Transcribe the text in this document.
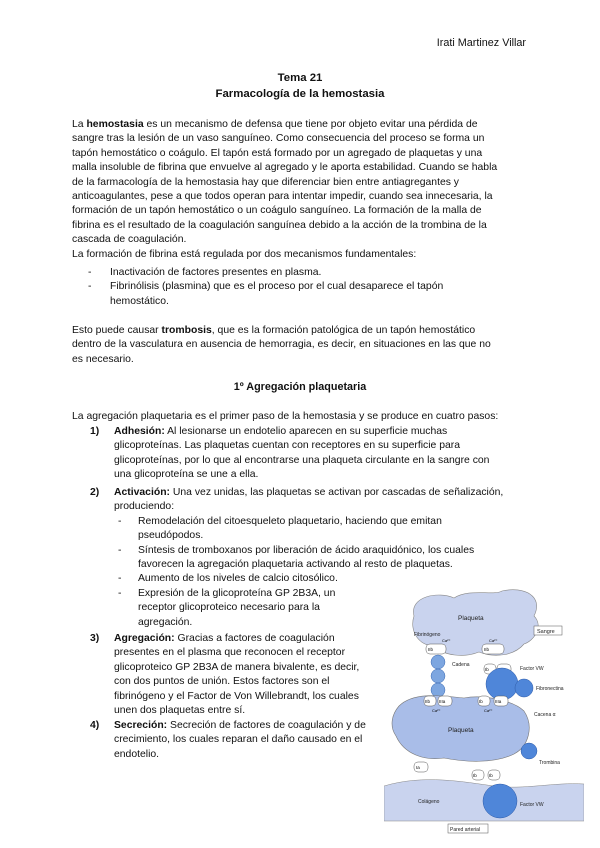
Irati Martinez Villar
Tema 21
Farmacología de la hemostasia

La hemostasia es un mecanismo de defensa que tiene por objeto evitar una pérdida de

sangre tras la lesión de un vaso sanguíneo. Como consecuencia del proceso se forma un

tapón hemostático o coágulo. El tapón está formado por un agregado de plaquetas y una

malla insoluble de fibrina que envuelve al agregado y le aporta estabilidad. Cuando se habla

de la farmacología de la hemostasia hay que diferenciar bien entre antiagregantes y

anticoagulantes, pese a que todos operan para intentar impedir, cuando sea innecesaria, la

formación de un tapón hemostático o un coágulo sanguíneo. La formación de la malla de

fibrina es el resultado de la coagulación sanguínea debido a la acción de la trombina de la

cascada de coagulación.

La formación de fibrina está regulada por dos mecanismos fundamentales:

- Inactivación de factores presentes en plasma.
- Fibrinólisis (plasmina) que es el proceso por el cual desaparece el tapón
hemostático.

Esto puede causar trombosis, que es la formación patológica de un tapón hemostático

dentro de la vasculatura en ausencia de hemorragia, es decir, en situaciones en las que no

es necesario.

1º Agregación plaquetaria
La agregación plaquetaria es el primer paso de la hemostasia y se produce en cuatro pasos:
1) Adhesión: Al lesionarse un endotelio aparecen en su superficie muchas
glicoproteínas. Las plaquetas cuentan con receptores en su superficie para
glicoproteínas, por lo que al encontrarse una plaqueta circulante en la sangre con
una glicoproteína se une a ella.
2) Activación: Una vez unidas, las plaquetas se activan por cascadas de señalización,
produciendo:
- Remodelación del citoesqueleto plaquetario, haciendo que emitan
pseudópodos.
- Síntesis de tromboxanos por liberación de ácido araquidónico, los cuales
favorecen la agregación plaquetaria activando al resto de plaquetas.
- Aumento de los niveles de calcio citosólico.
- Expresión de la glicoproteína GP 2B3A, un
receptor glicoproteico necesario para la
agregación.
3) Agregación: Gracias a factores de coagulación
presentes en el plasma que reconocen el receptor
glicoproteico GP 2B3A de manera bivalente, es decir,
con dos puntos de unión. Estos factores son el
fibrinógeno y el Factor de Von Willebrandt, los cuales
unen dos plaquetas entre sí.
4) Secreción: Secreción de factores de coagulación y de
crecimiento, los cuales reparan el daño causado en el
endotelio.
Plaqueta
Sangre
IIb	IIb
Ca²⁺	Ca²⁺
Ib
Fibrinógeno
Cadena
Factor VW
Fibronectina
Plaqueta
IIb IIIa	Ib	IIIa
Ca²⁺	Ca²⁺
Cacena α
Trombina
Ia
Ib	Ib
Colágeno	Factor VW
Pared arterial
